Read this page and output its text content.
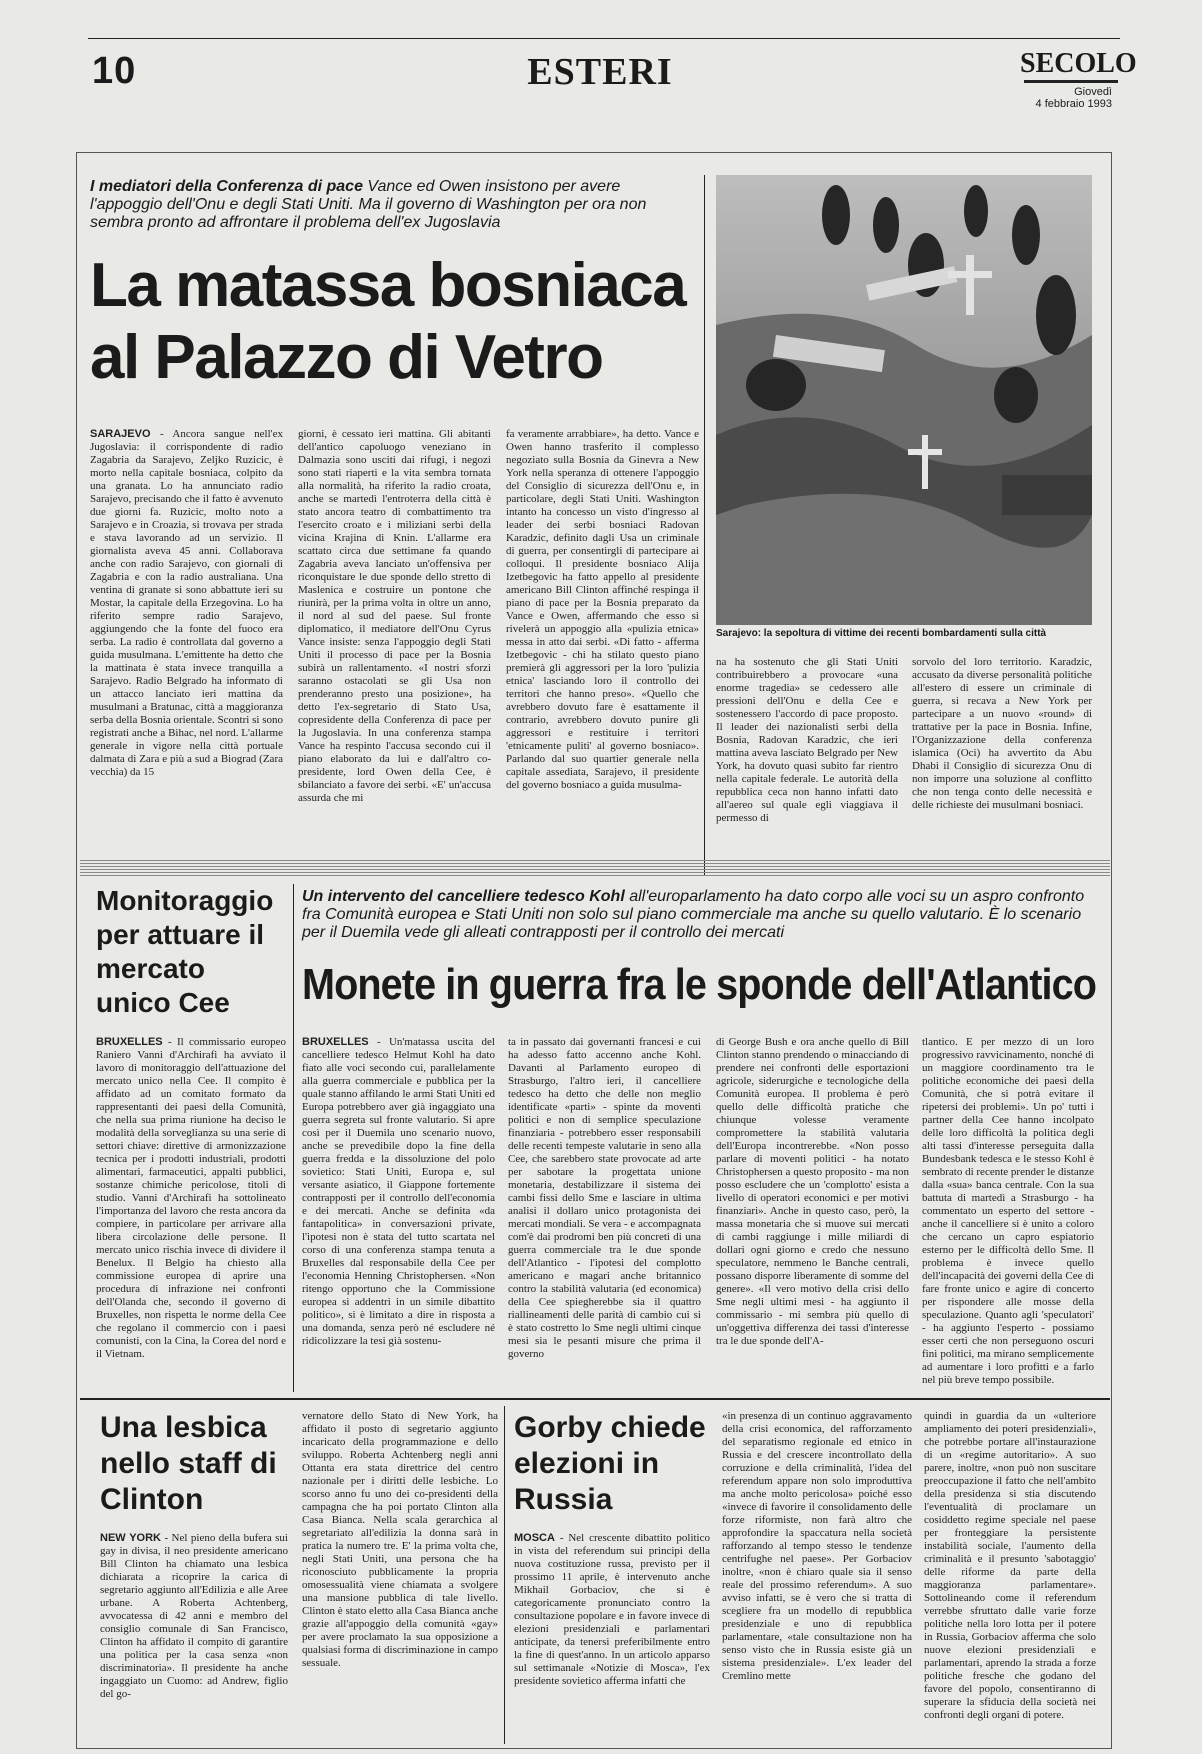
10	ESTERI	SECOLO
Giovedì
4 febbraio 1993
I mediatori della Conferenza di pace Vance ed Owen insistono per avere l'appoggio dell'Onu e degli Stati Uniti. Ma il governo di Washington per ora non sembra pronto ad affrontare il problema dell'ex Jugoslavia
La matassa bosniaca al Palazzo di Vetro
SARAJEVO - Ancora sangue nell'ex Jugoslavia: il corrispondente di radio Zagabria da Sarajevo, Zeljko Ruzicic, è morto nella capitale bosniaca, colpito da una granata. Lo ha annunciato radio Sarajevo, precisando che il fatto è avvenuto due giorni fa. Ruzicic, molto noto a Sarajevo e in Croazia, si trovava per strada e stava lavorando ad un servizio. Il giornalista aveva 45 anni. Collaborava anche con radio Sarajevo, con giornali di Zagabria e con la radio australiana. Una ventina di granate si sono abbattute ieri su Mostar, la capitale della Erzegovina. Lo ha riferito sempre radio Sarajevo, aggiungendo che la fonte del fuoco era serba. La radio è controllata dal governo a guida musulmana. L'emittente ha detto che la mattinata è stata invece tranquilla a Sarajevo. Radio Belgrado ha informato di un attacco lanciato ieri mattina da musulmani a Bratunac, città a maggioranza serba della Bosnia orientale. Scontri si sono registrati anche a Bihac, nel nord. L'allarme generale in vigore nella città portuale dalmata di Zara e più a sud a Biograd (Zara vecchia) da 15
giorni, è cessato ieri mattina. Gli abitanti dell'antico capoluogo veneziano in Dalmazia sono usciti dai rifugi, i negozi sono stati riaperti e la vita sembra tornata alla normalità, ha riferito la radio croata, anche se martedì l'entroterra della città è stato ancora teatro di combattimento tra l'esercito croato e i miliziani serbi della vicina Krajina di Knin. L'allarme era scattato circa due settimane fa quando Zagabria aveva lanciato un'offensiva per riconquistare le due sponde dello stretto di Maslenica e costruire un pontone che riunirà, per la prima volta in oltre un anno, il nord al sud del paese. Sul fronte diplomatico, il mediatore dell'Onu Cyrus Vance insiste: senza l'appoggio degli Stati Uniti il processo di pace per la Bosnia subirà un rallentamento. «I nostri sforzi saranno ostacolati se gli Usa non prenderanno presto una posizione», ha detto l'ex-segretario di Stato Usa, copresidente della Conferenza di pace per la Jugoslavia. In una conferenza stampa Vance ha respinto l'accusa secondo cui il piano elaborato da lui e dall'altro co-presidente, lord Owen della Cee, è sbilanciato a favore dei serbi. «E' un'accusa assurda che mi
fa veramente arrabbiare», ha detto. Vance e Owen hanno trasferito il complesso negoziato sulla Bosnia da Ginevra a New York nella speranza di ottenere l'appoggio del Consiglio di sicurezza dell'Onu e, in particolare, degli Stati Uniti. Washington intanto ha concesso un visto d'ingresso al leader dei serbi bosniaci Radovan Karadzic, definito dagli Usa un criminale di guerra, per consentirgli di partecipare ai colloqui. Il presidente bosniaco Alija Izetbegovic ha fatto appello al presidente americano Bill Clinton affinché respinga il piano di pace per la Bosnia preparato da Vance e Owen, affermando che esso si rivelerà un appoggio alla «pulizia etnica» messa in atto dai serbi. «Di fatto - afferma Izetbegovic - chi ha stilato questo piano premierà gli aggressori per la loro 'pulizia etnica' lasciando loro il controllo dei territori che hanno preso». «Quello che avrebbero dovuto fare è esattamente il contrario, avrebbero dovuto punire gli aggressori e restituire i territori 'etnicamente puliti' al governo bosniaco». Parlando dal suo quartier generale nella capitale assediata, Sarajevo, il presidente del governo bosniaco a guida musulma-
na ha sostenuto che gli Stati Uniti contribuirebbero a provocare «una enorme tragedia» se cedessero alle pressioni dell'Onu e della Cee e sostenessero l'accordo di pace proposto. Il leader dei nazionalisti serbi della Bosnia, Radovan Karadzic, che ieri mattina aveva lasciato Belgrado per New York, ha dovuto quasi subito far rientro nella capitale federale. Le autorità della repubblica ceca non hanno infatti dato all'aereo sul quale egli viaggiava il permesso di
sorvolo del loro territorio. Karadzic, accusato da diverse personalità politiche all'estero di essere un criminale di guerra, si recava a New York per partecipare a un nuovo «round» di trattative per la pace in Bosnia. Infine, l'Organizzazione della conferenza islamica (Oci) ha avvertito da Abu Dhabi il Consiglio di sicurezza Onu di non imporre una soluzione al conflitto che non tenga conto delle necessità e delle richieste dei musulmani bosniaci.
Sarajevo: la sepoltura di vittime dei recenti bombardamenti sulla città
Monitoraggio per attuare il mercato unico Cee
BRUXELLES - Il commissario europeo Raniero Vanni d'Archirafi ha avviato il lavoro di monitoraggio dell'attuazione del mercato unico nella Cee. Il compito è affidato ad un comitato formato da rappresentanti dei paesi della Comunità, che nella sua prima riunione ha deciso le modalità della sorveglianza su una serie di settori chiave: direttive di armonizzazione tecnica per i prodotti industriali, prodotti alimentari, farmaceutici, appalti pubblici, sostanze chimiche pericolose, titoli di studio. Vanni d'Archirafi ha sottolineato l'importanza del lavoro che resta ancora da compiere, in particolare per arrivare alla libera circolazione delle persone. Il mercato unico rischia invece di dividere il Benelux. Il Belgio ha chiesto alla commissione europea di aprire una procedura di infrazione nei confronti dell'Olanda che, secondo il governo di Bruxelles, non rispetta le norme della Cee che regolano il commercio con i paesi comunisti, con la Cina, la Corea del nord e il Vietnam.
Un intervento del cancelliere tedesco Kohl all'europarlamento ha dato corpo alle voci su un aspro confronto fra Comunità europea e Stati Uniti non solo sul piano commerciale ma anche su quello valutario. È lo scenario per il Duemila vede gli alleati contrapposti per il controllo dei mercati
Monete in guerra fra le sponde dell'Atlantico
BRUXELLES - Un'matassa uscita del cancelliere tedesco Helmut Kohl ha dato fiato alle voci secondo cui, parallelamente alla guerra commerciale e pubblica per la quale stanno affilando le armi Stati Uniti ed Europa potrebbero aver già ingaggiato una guerra segreta sul fronte valutario. Si apre così per il Duemila uno scenario nuovo, anche se prevedibile dopo la fine della guerra fredda e la dissoluzione del polo sovietico: Stati Uniti, Europa e, sul versante asiatico, il Giappone fortemente contrapposti per il controllo dell'economia e dei mercati. Anche se definita «da fantapolitica» in conversazioni private, l'ipotesi non è stata del tutto scartata nel corso di una conferenza stampa tenuta a Bruxelles dal responsabile della Cee per l'economia Henning Christophersen. «Non ritengo opportuno che la Commissione europea si addentri in un simile dibattito politico», si è limitato a dire in risposta a una domanda, senza però né escludere né ridicolizzare la tesi già sostenu-
ta in passato dai governanti francesi e cui ha adesso fatto accenno anche Kohl. Davanti al Parlamento europeo di Strasburgo, l'altro ieri, il cancelliere tedesco ha detto che delle non meglio identificate «parti» - spinte da moventi politici e non di semplice speculazione finanziaria - potrebbero esser responsabili delle recenti tempeste valutarie in seno alla Cee, che sarebbero state provocate ad arte per sabotare la progettata unione monetaria, destabilizzare il sistema dei cambi fissi dello Sme e lasciare in ultima analisi il dollaro unico protagonista dei mercati mondiali. Se vera - e accompagnata com'è dai prodromi ben più concreti di una guerra commerciale tra le due sponde dell'Atlantico - l'ipotesi del complotto americano e magari anche britannico contro la stabilità valutaria (ed economica) della Cee spiegherebbe sia il quattro riallineamenti delle parità di cambio cui si è stato costretto lo Sme negli ultimi cinque mesi sia le pesanti misure che prima il governo
di George Bush e ora anche quello di Bill Clinton stanno prendendo o minacciando di prendere nei confronti delle esportazioni agricole, siderurgiche e tecnologiche della Comunità europea. Il problema è però quello delle difficoltà pratiche che chiunque volesse veramente compromettere la stabilità valutaria dell'Europa incontrerebbe. «Non posso parlare di moventi politici - ha notato Christophersen a questo proposito - ma non posso escludere che un 'complotto' esista a livello di operatori economici e per motivi finanziari». Anche in questo caso, però, la massa monetaria che si muove sui mercati di cambi raggiunge i mille miliardi di dollari ogni giorno e credo che nessuno speculatore, nemmeno le Banche centrali, possano disporre liberamente di somme del genere». «Il vero motivo della crisi dello Sme negli ultimi mesi - ha aggiunto il commissario - mi sembra più quello di un'oggettiva differenza dei tassi d'interesse tra le due sponde dell'A-
tlantico. E per mezzo di un loro progressivo ravvicinamento, nonché di un maggiore coordinamento tra le politiche economiche dei paesi della Comunità, che si potrà evitare il ripetersi dei problemi». Un po' tutti i partner della Cee hanno incolpato delle loro difficoltà la politica degli alti tassi d'interesse perseguita dalla Bundesbank tedesca e le stesso Kohl è sembrato di recente prender le distanze dalla «sua» banca centrale. Con la sua battuta di martedì a Strasburgo - ha commentato un esperto del settore - anche il cancelliere si è unito a coloro che cercano un capro espiatorio esterno per le difficoltà dello Sme. Il problema è invece quello dell'incapacità dei governi della Cee di fare fronte unico e agire di concerto per rispondere alle mosse della speculazione. Quanto agli 'speculatori' - ha aggiunto l'esperto - possiamo esser certi che non perseguono oscuri fini politici, ma mirano semplicemente ad aumentare i loro profitti e a farlo nel più breve tempo possibile.
Una lesbica nello staff di Clinton
NEW YORK - Nel pieno della bufera sui gay in divisa, il neo presidente americano Bill Clinton ha chiamato una lesbica dichiarata a ricoprire la carica di segretario aggiunto all'Edilizia e alle Aree urbane. A Roberta Achtenberg, avvocatessa di 42 anni e membro del consiglio comunale di San Francisco, Clinton ha affidato il compito di garantire una politica per la casa senza «non discriminatoria». Il presidente ha anche ingaggiato un Cuomo: ad Andrew, figlio del go-
vernatore dello Stato di New York, ha affidato il posto di segretario aggiunto incaricato della programmazione e dello sviluppo. Roberta Achtenberg negli anni Ottanta era stata direttrice del centro nazionale per i diritti delle lesbiche. Lo scorso anno fu uno dei co-presidenti della campagna che ha poi portato Clinton alla Casa Bianca. Nella scala gerarchica al segretariato all'edilizia la donna sarà in pratica la numero tre. E' la prima volta che, negli Stati Uniti, una persona che ha riconosciuto pubblicamente la propria omosessualità viene chiamata a svolgere una mansione pubblica di tale livello. Clinton è stato eletto alla Casa Bianca anche grazie all'appoggio della comunità «gay» per avere proclamato la sua opposizione a qualsiasi forma di discriminazione in campo sessuale.
Gorby chiede elezioni in Russia
MOSCA - Nel crescente dibattito politico in vista del referendum sui principi della nuova costituzione russa, previsto per il prossimo 11 aprile, è intervenuto anche Mikhail Gorbaciov, che si è categoricamente pronunciato contro la consultazione popolare e in favore invece di elezioni presidenziali e parlamentari anticipate, da tenersi preferibilmente entro la fine di quest'anno. In un articolo apparso sul settimanale «Notizie di Mosca», l'ex presidente sovietico afferma infatti che
«in presenza di un continuo aggravamento della crisi economica, del rafforzamento del separatismo regionale ed etnico in Russia e del crescere incontrollato della corruzione e della criminalità, l'idea del referendum appare non solo improduttiva ma anche molto pericolosa» poiché esso «invece di favorire il consolidamento delle forze riformiste, non farà altro che approfondire la spaccatura nella società rafforzando al tempo stesso le tendenze centrifughe nel paese». Per Gorbaciov inoltre, «non è chiaro quale sia il senso reale del prossimo referendum». A suo avviso infatti, se è vero che si tratta di scegliere fra un modello di repubblica presidenziale e uno di repubblica parlamentare, «tale consultazione non ha senso visto che in Russia esiste già un sistema presidenziale». L'ex leader del Cremlino mette
quindi in guardia da un «ulteriore ampliamento dei poteri presidenziali», che potrebbe portare all'instaurazione di un «regime autoritario». A suo parere, inoltre, «non può non suscitare preoccupazione il fatto che nell'ambito della presidenza si stia discutendo l'eventualità di proclamare un cosiddetto regime speciale nel paese per fronteggiare la persistente instabilità sociale, l'aumento della criminalità e il presunto 'sabotaggio' delle riforme da parte della maggioranza parlamentare». Sottolineando come il referendum verrebbe sfruttato dalle varie forze politiche nella loro lotta per il potere in Russia, Gorbaciov afferma che solo nuove elezioni presidenziali e parlamentari, aprendo la strada a forze politiche fresche che godano del favore del popolo, consentiranno di superare la sfiducia della società nei confronti degli organi di potere.
